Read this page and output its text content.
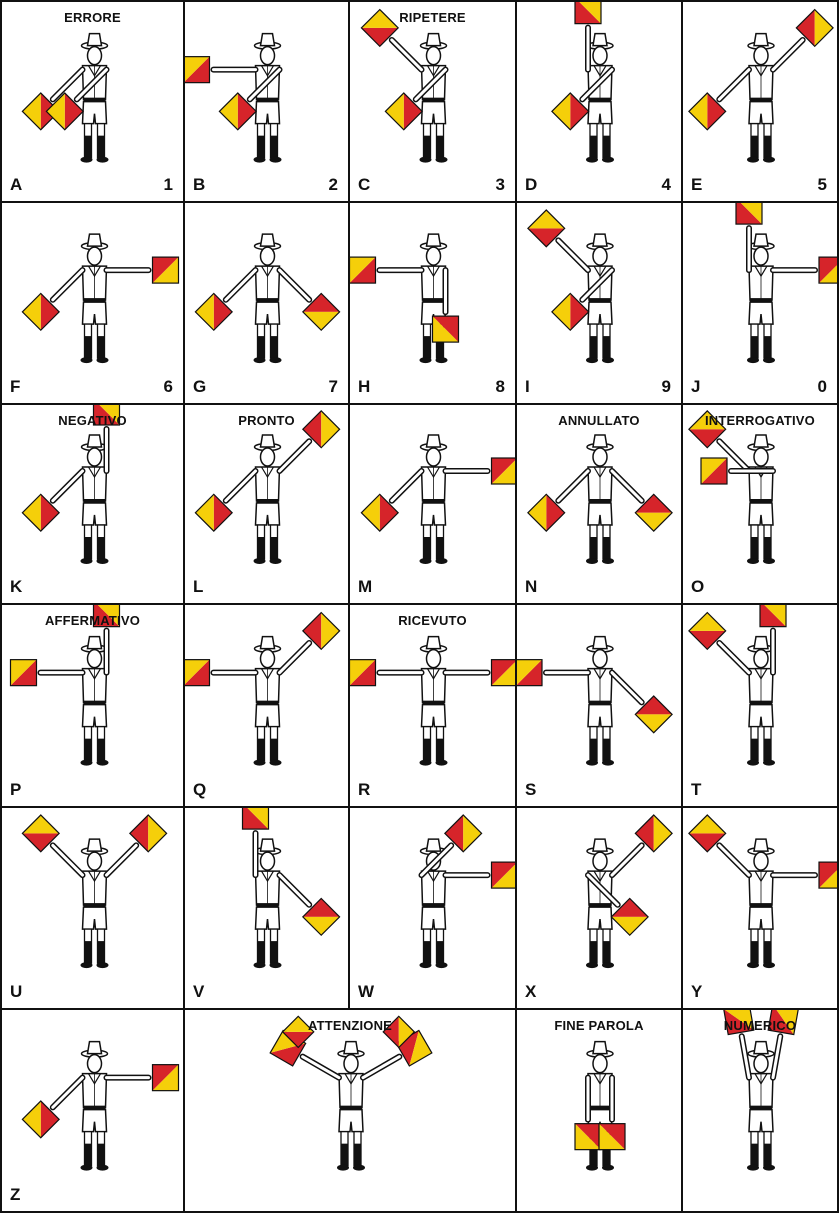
ERRORE
A	1 B	2
RIPETERE
C	3 D	4 E	5
F	6 G	7 H	8 I	9 J	0
NEGATIVO
K
PRONTO
L	M
ANNULLATO
N
INTERROGATIVO
O
AFFERMATIVO
P	Q
RICEVUTO
R	S	T
U	V	W	X	Y
Z
ATTENZIONE	FINE PAROLA	NUMERICO
